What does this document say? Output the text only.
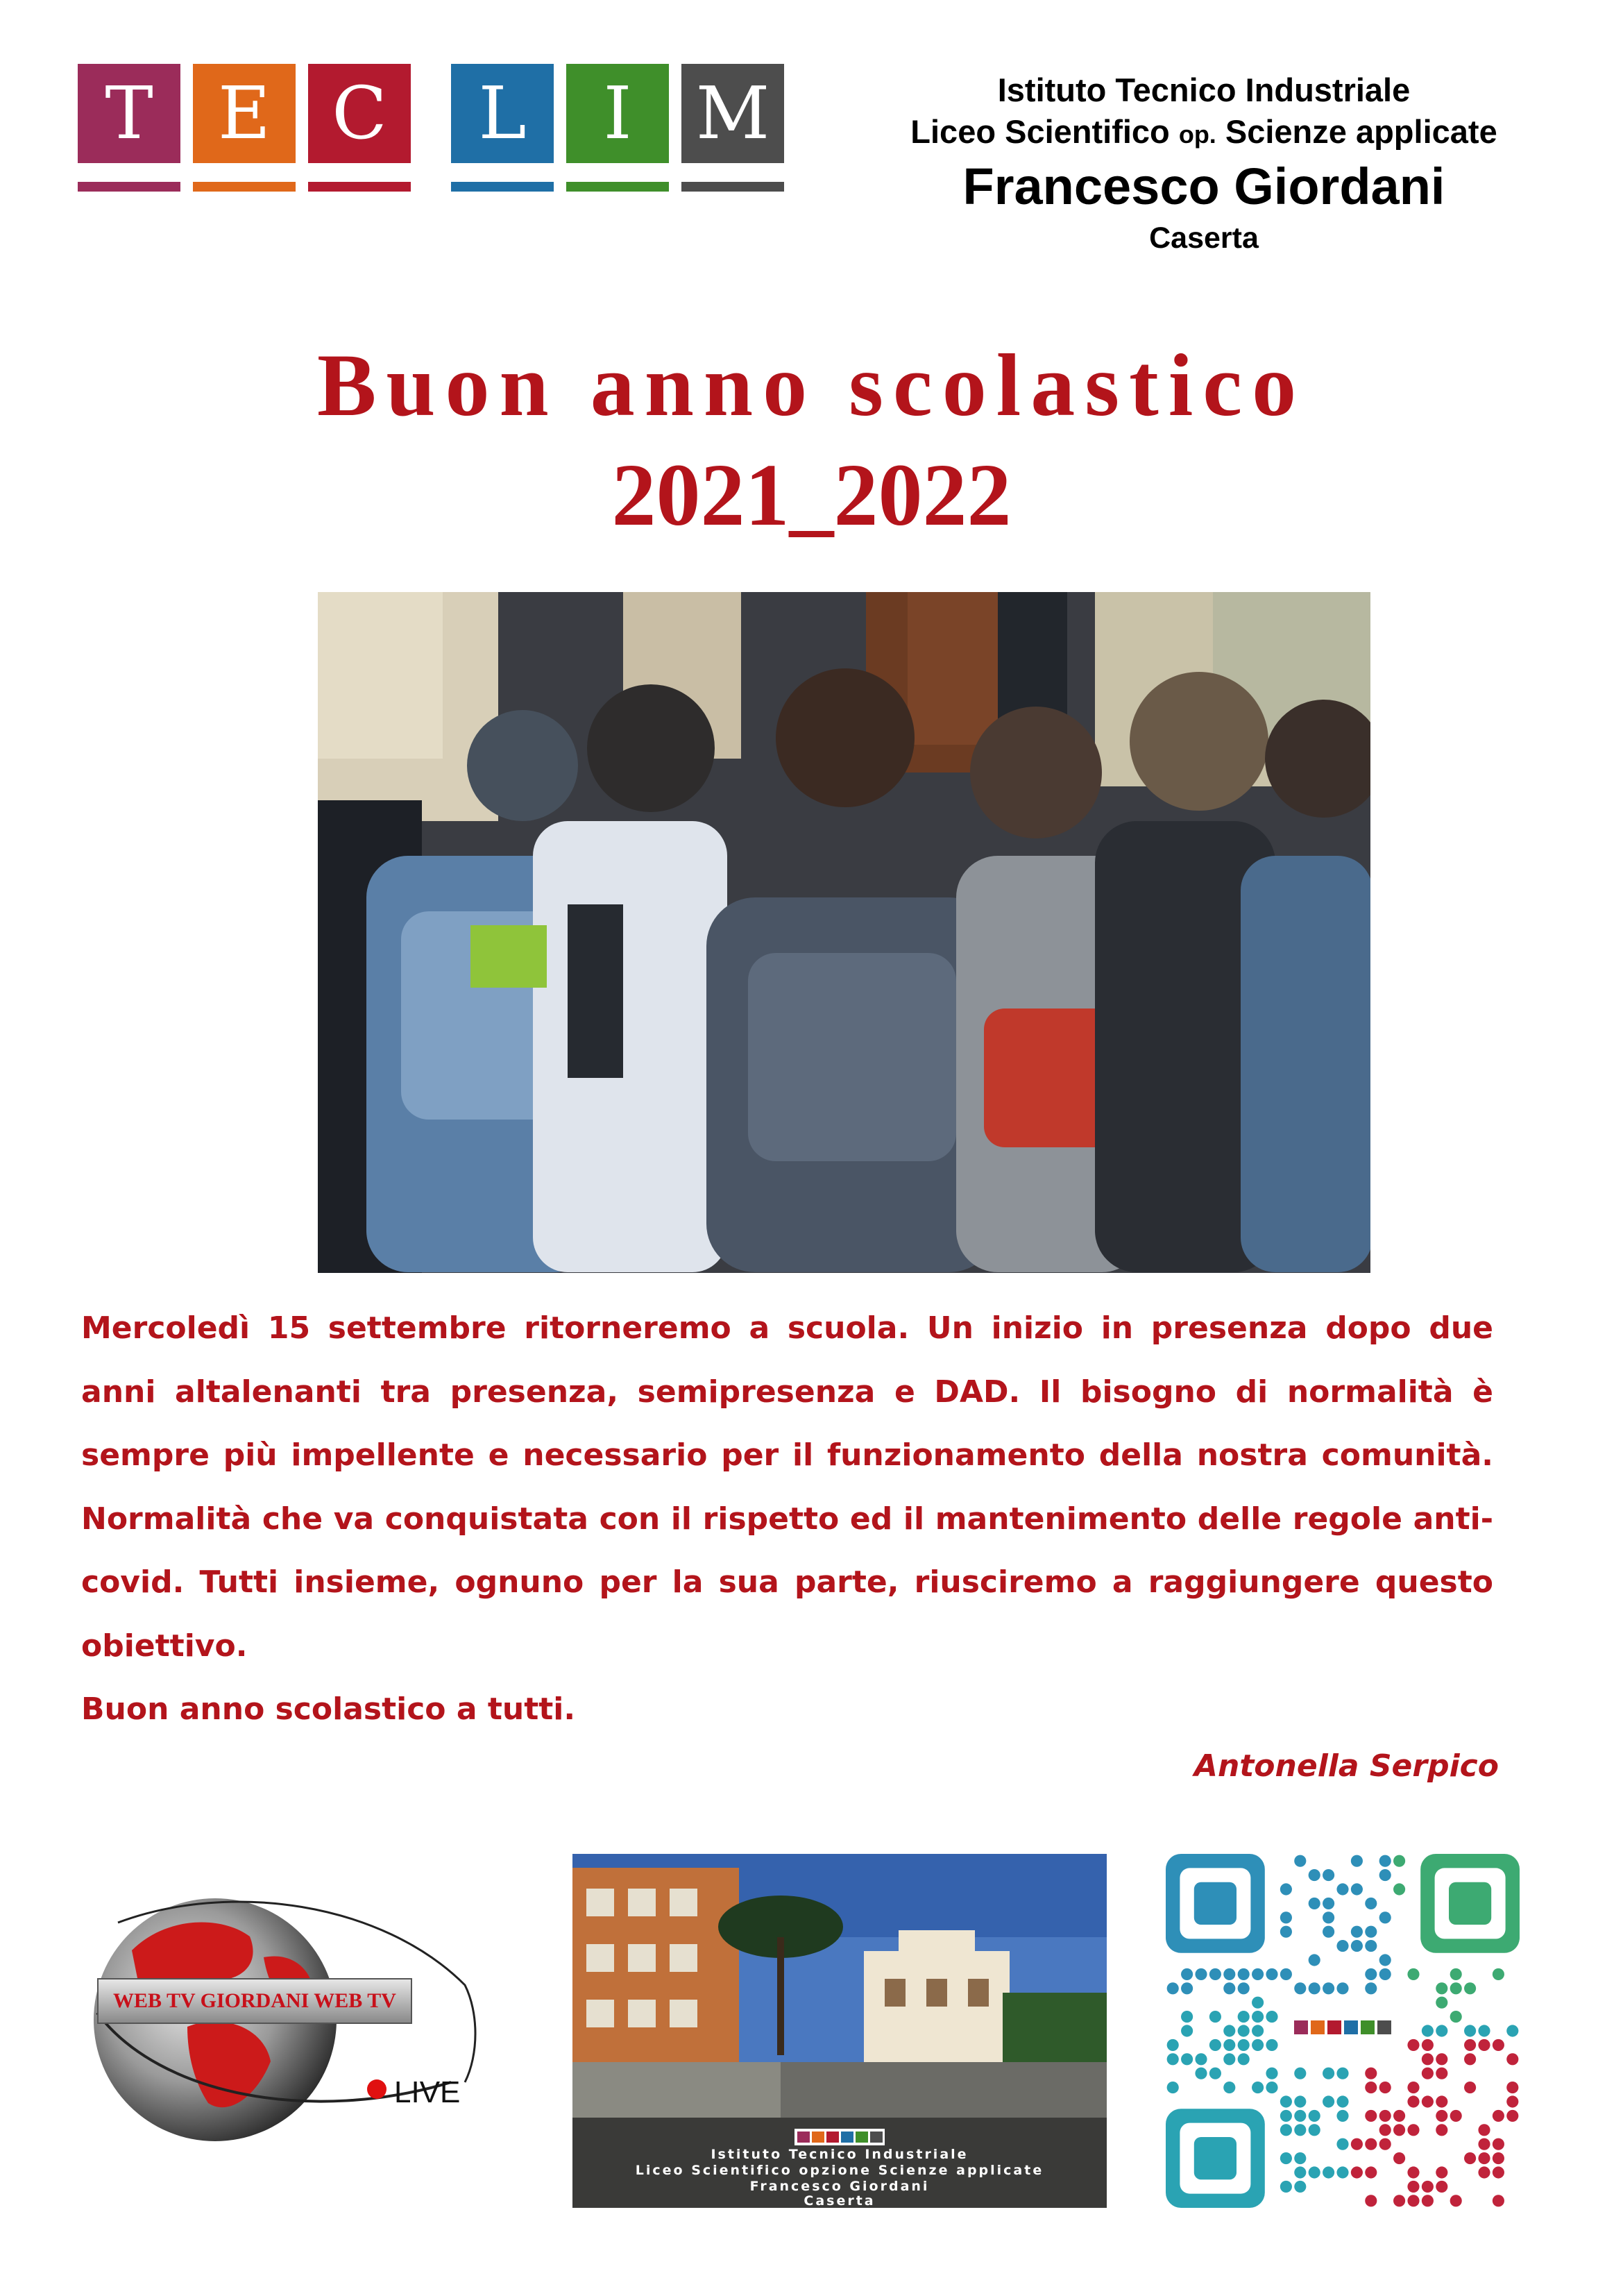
T E C	L	I M	Istituto Tecnico Industriale
Liceo Scientifico op. Scienze applicate
Francesco Giordani
Caserta
Buon anno scolastico
2021_2022
Mercoledì 15 settembre ritorneremo a scuola. Un inizio in presenza dopo due anni altalenanti tra presenza, semipresenza e DAD. Il bisogno di normalità è sempre più impellente e necessario per il funzionamento della nostra comunità. Normalità che va conquistata con il rispetto ed il mantenimento delle regole anti-covid. Tutti insieme, ognuno per la sua parte, riusciremo a raggiungere questo obiettivo.
Buon anno scolastico a tutti.
Antonella Serpico
WEB TV GIORDANI WEB TV
LIVE
Istituto Tecnico Industriale
Liceo Scientifico opzione Scienze applicate
Francesco Giordani
Caserta
